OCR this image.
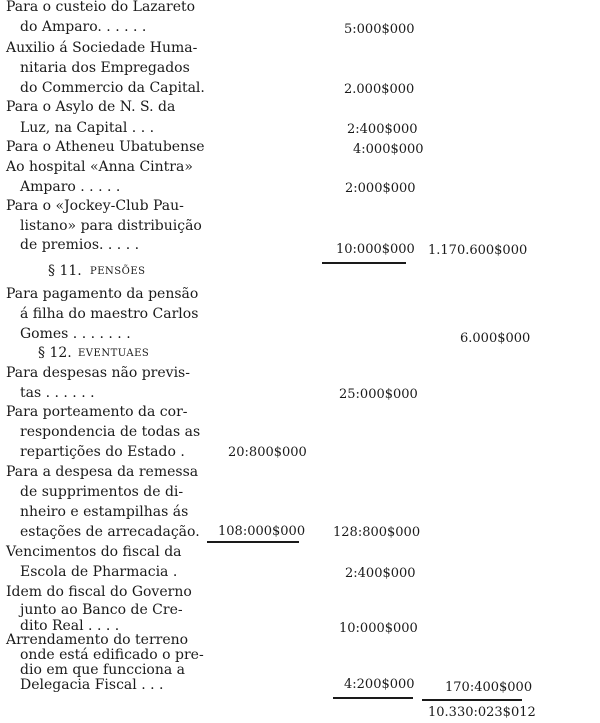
Para o custeio do Lazareto
do Amparo. . . . . .
Auxilio á Sociedade Huma-
nitaria dos Empregados
do Commercio da Capital.
Para o Asylo de N. S. da
Luz, na Capital . . .
Para o Atheneu Ubatubense
Ao hospital «Anna Cintra»
Amparo . . . . .
Para o «Jockey-Club Pau-
listano» para distribuição
de premios. . . . .
§ 11. PENSÕES
Para pagamento da pensão
á filha do maestro Carlos
Gomes . . . . . . .
§ 12. EVENTUAES
Para despesas não previs-
tas . . . . . .
Para porteamento da cor-
respondencia de todas as
repartições do Estado .
Para a despesa da remessa
de supprimentos de di-
nheiro e estampilhas ás
estações de arrecadação.
Vencimentos do fiscal da
Escola de Pharmacia .
Idem do fiscal do Governo
junto ao Banco de Cre-
dito Real . . . .
Arrendamento do terreno
onde está edificado o pre-
dio em que funcciona a
Delegacia Fiscal . . .
5:000$000
2.000$000
2:400$000
4:000$000
2:000$000
10:000$000 1.170.600$000
6.000$000
25:000$000
20:800$000
108:000$000 128:800$000
2:400$000
10:000$000
4:200$000 170:400$000
10.330:023$012
